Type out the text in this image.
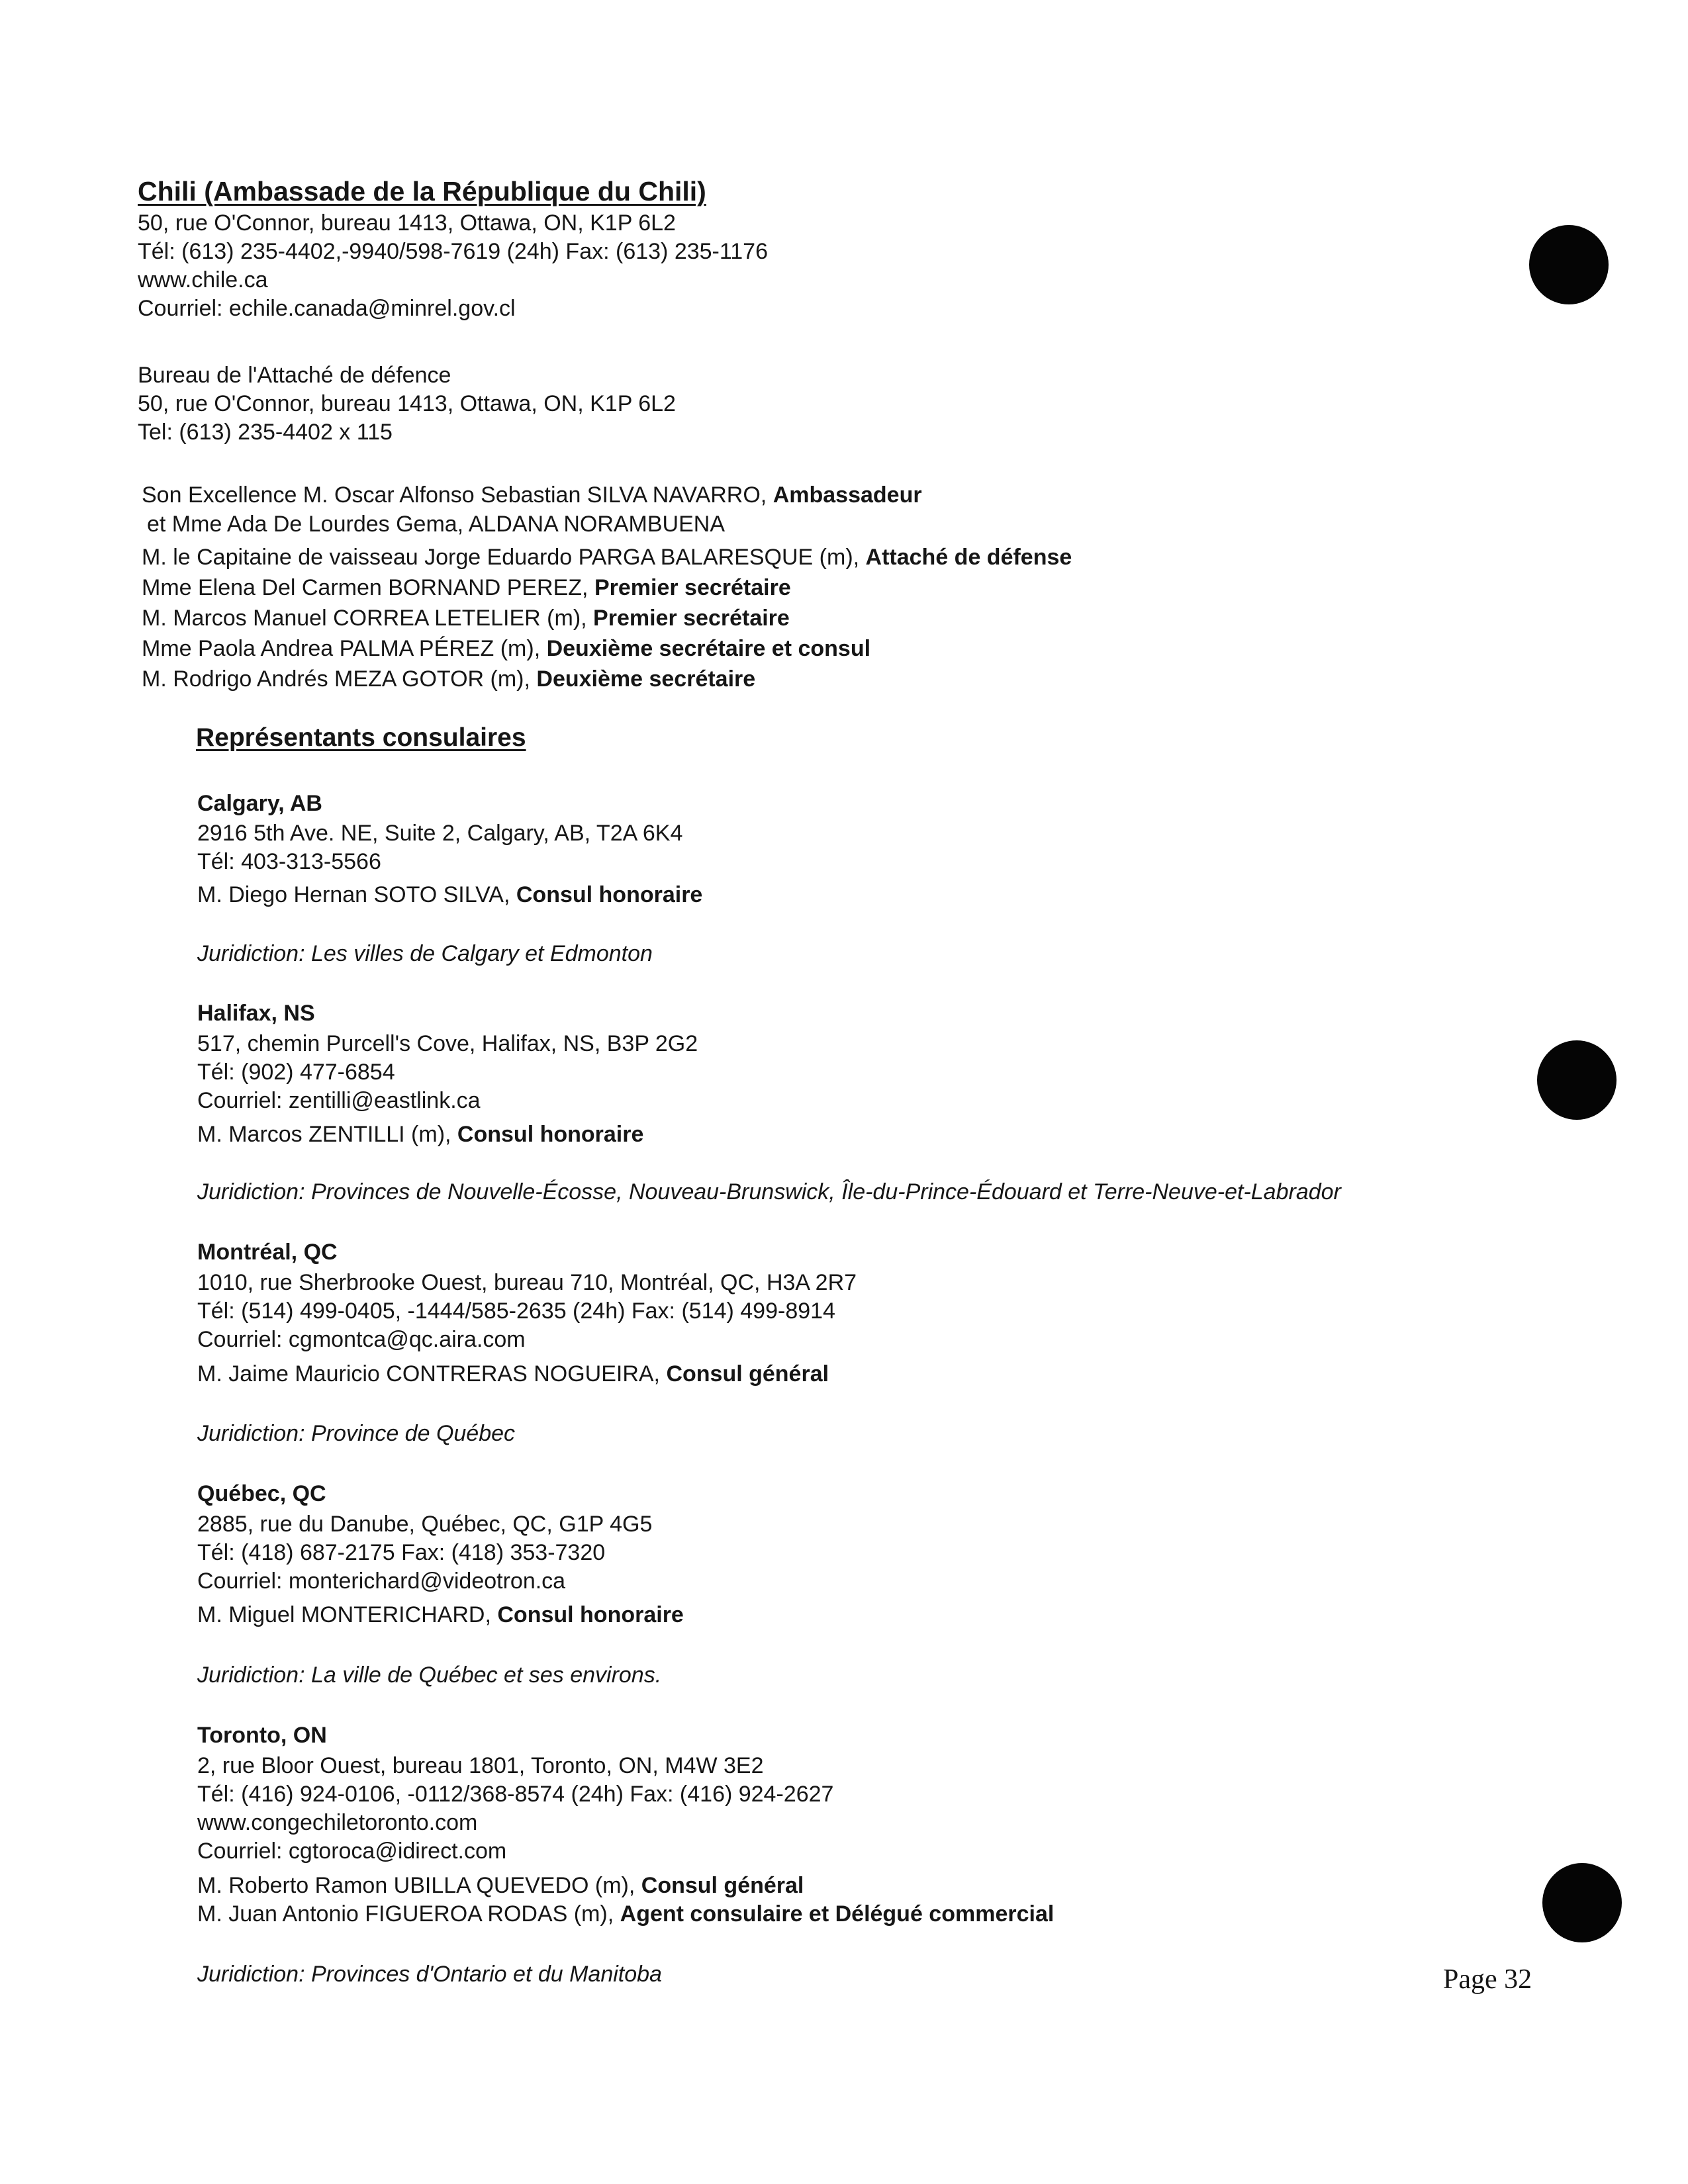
Chili (Ambassade de la République du Chili)
50, rue O'Connor, bureau 1413, Ottawa, ON, K1P 6L2
Tél: (613) 235-4402,-9940/598-7619 (24h) Fax: (613) 235-1176
www.chile.ca
Courriel: echile.canada@minrel.gov.cl
Bureau de l'Attaché de défence
50, rue O'Connor, bureau 1413, Ottawa, ON, K1P 6L2
Tel: (613) 235-4402 x 115
Son Excellence M. Oscar Alfonso Sebastian SILVA NAVARRO, Ambassadeur
et Mme Ada De Lourdes Gema, ALDANA NORAMBUENA
M. le Capitaine de vaisseau Jorge Eduardo PARGA BALARESQUE (m), Attaché de défense
Mme Elena Del Carmen BORNAND PEREZ, Premier secrétaire
M. Marcos Manuel CORREA LETELIER (m), Premier secrétaire
Mme Paola Andrea PALMA PÉREZ (m), Deuxième secrétaire et consul
M. Rodrigo Andrés MEZA GOTOR (m), Deuxième secrétaire
Représentants consulaires
Calgary, AB
2916 5th Ave. NE, Suite 2, Calgary, AB, T2A 6K4
Tél: 403-313-5566
M. Diego Hernan SOTO SILVA, Consul honoraire
Juridiction: Les villes de Calgary et Edmonton
Halifax, NS
517, chemin Purcell's Cove, Halifax, NS, B3P 2G2
Tél: (902) 477-6854
Courriel: zentilli@eastlink.ca
M. Marcos ZENTILLI (m), Consul honoraire
Juridiction: Provinces de Nouvelle-Écosse, Nouveau-Brunswick, Île-du-Prince-Édouard et Terre-Neuve-et-Labrador
Montréal, QC
1010, rue Sherbrooke Ouest, bureau 710, Montréal, QC, H3A 2R7
Tél: (514) 499-0405, -1444/585-2635 (24h) Fax: (514) 499-8914
Courriel: cgmontca@qc.aira.com
M. Jaime Mauricio CONTRERAS NOGUEIRA, Consul général
Juridiction: Province de Québec
Québec, QC
2885, rue du Danube, Québec, QC, G1P 4G5
Tél: (418) 687-2175 Fax: (418) 353-7320
Courriel: monterichard@videotron.ca
M. Miguel MONTERICHARD, Consul honoraire
Juridiction: La ville de Québec et ses environs.
Toronto, ON
2, rue Bloor Ouest, bureau 1801, Toronto, ON, M4W 3E2
Tél: (416) 924-0106, -0112/368-8574 (24h) Fax: (416) 924-2627
www.congechiletoronto.com
Courriel: cgtoroca@idirect.com
M. Roberto Ramon UBILLA QUEVEDO (m), Consul général
M. Juan Antonio FIGUEROA RODAS (m), Agent consulaire et Délégué commercial
Juridiction: Provinces d'Ontario et du Manitoba	Page 32
